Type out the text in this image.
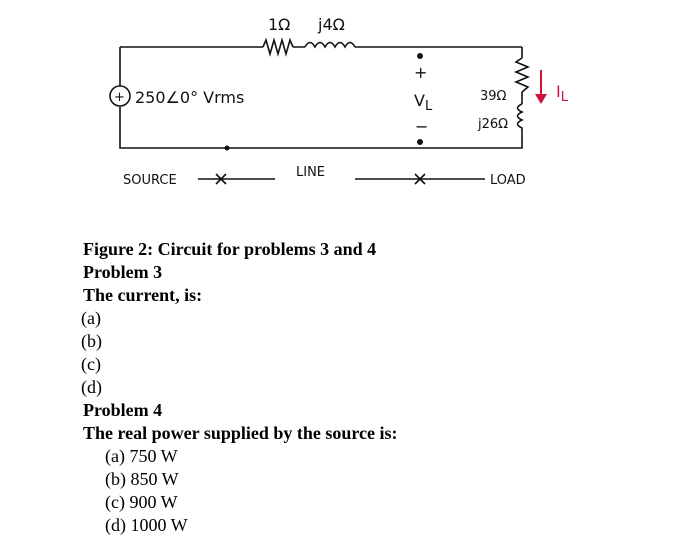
+
1Ω j4Ω
250∠0° Vrms
+
$V_L$
−
39Ω
j26Ω
$I_L$
SOURCE
LINE
LOAD
Figure 2: Circuit for problems 3 and 4
Problem 3
The current, is:
(a)
(b)
(c)
(d)
Problem 4
The real power supplied by the source is:
(a) 750 W
(b) 850 W
(c) 900 W
(d) 1000 W
